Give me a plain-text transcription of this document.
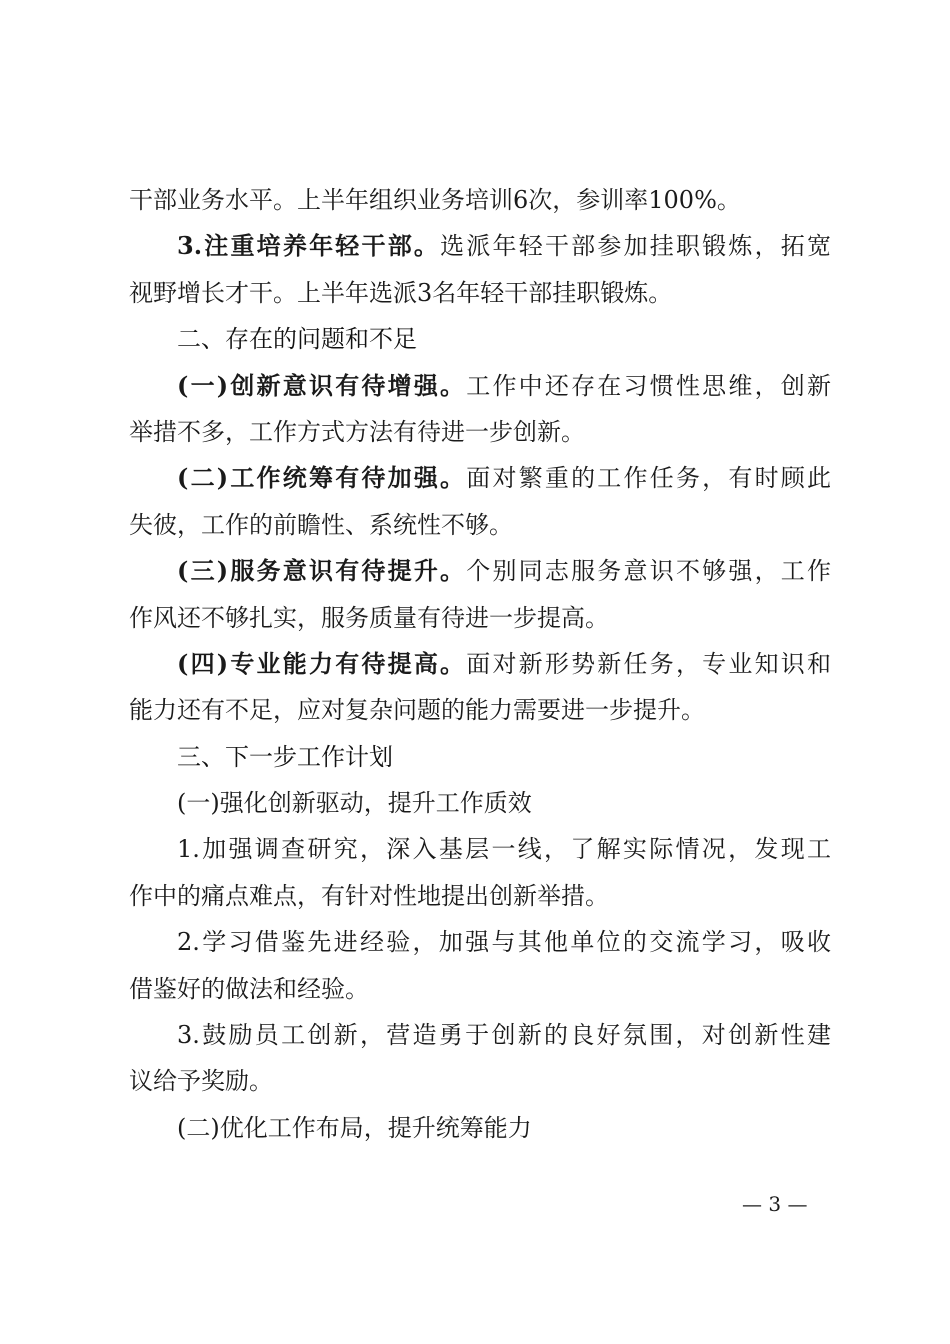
干部业务水平。上半年组织业务培训6次，参训率100%。
3.注重培养年轻干部。选派年轻干部参加挂职锻炼，拓宽
视野增长才干。上半年选派3名年轻干部挂职锻炼。
二、存在的问题和不足
(一)创新意识有待增强。工作中还存在习惯性思维，创新
举措不多，工作方式方法有待进一步创新。
(二)工作统筹有待加强。面对繁重的工作任务，有时顾此
失彼，工作的前瞻性、系统性不够。
(三)服务意识有待提升。个别同志服务意识不够强，工作
作风还不够扎实，服务质量有待进一步提高。
(四)专业能力有待提高。面对新形势新任务，专业知识和
能力还有不足，应对复杂问题的能力需要进一步提升。
三、下一步工作计划
(一)强化创新驱动，提升工作质效
1.加强调查研究，深入基层一线，了解实际情况，发现工
作中的痛点难点，有针对性地提出创新举措。
2.学习借鉴先进经验，加强与其他单位的交流学习，吸收
借鉴好的做法和经验。
3.鼓励员工创新，营造勇于创新的良好氛围，对创新性建
议给予奖励。
(二)优化工作布局，提升统筹能力
— 3 —
